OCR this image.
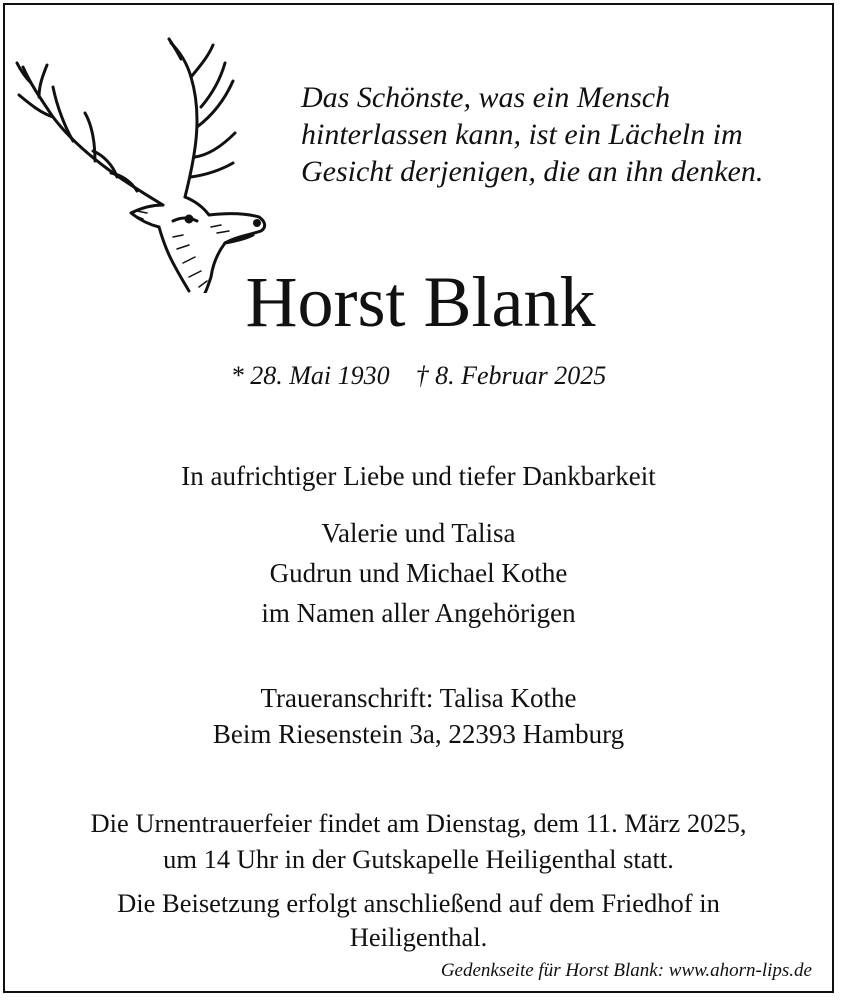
Das Schönste, was ein Mensch
hinterlassen kann, ist ein Lächeln im
Gesicht derjenigen, die an ihn denken.
Horst Blank
* 28. Mai 1930    † 8. Februar 2025
In aufrichtiger Liebe und tiefer Dankbarkeit
Valerie und Talisa
Gudrun und Michael Kothe
im Namen aller Angehörigen
Traueranschrift: Talisa Kothe
Beim Riesenstein 3a, 22393 Hamburg
Die Urnentrauerfeier findet am Dienstag, dem 11. März 2025,
um 14 Uhr in der Gutskapelle Heiligenthal statt.
Die Beisetzung erfolgt anschließend auf dem Friedhof in
Heiligenthal.
Gedenkseite für Horst Blank: www.ahorn-lips.de
